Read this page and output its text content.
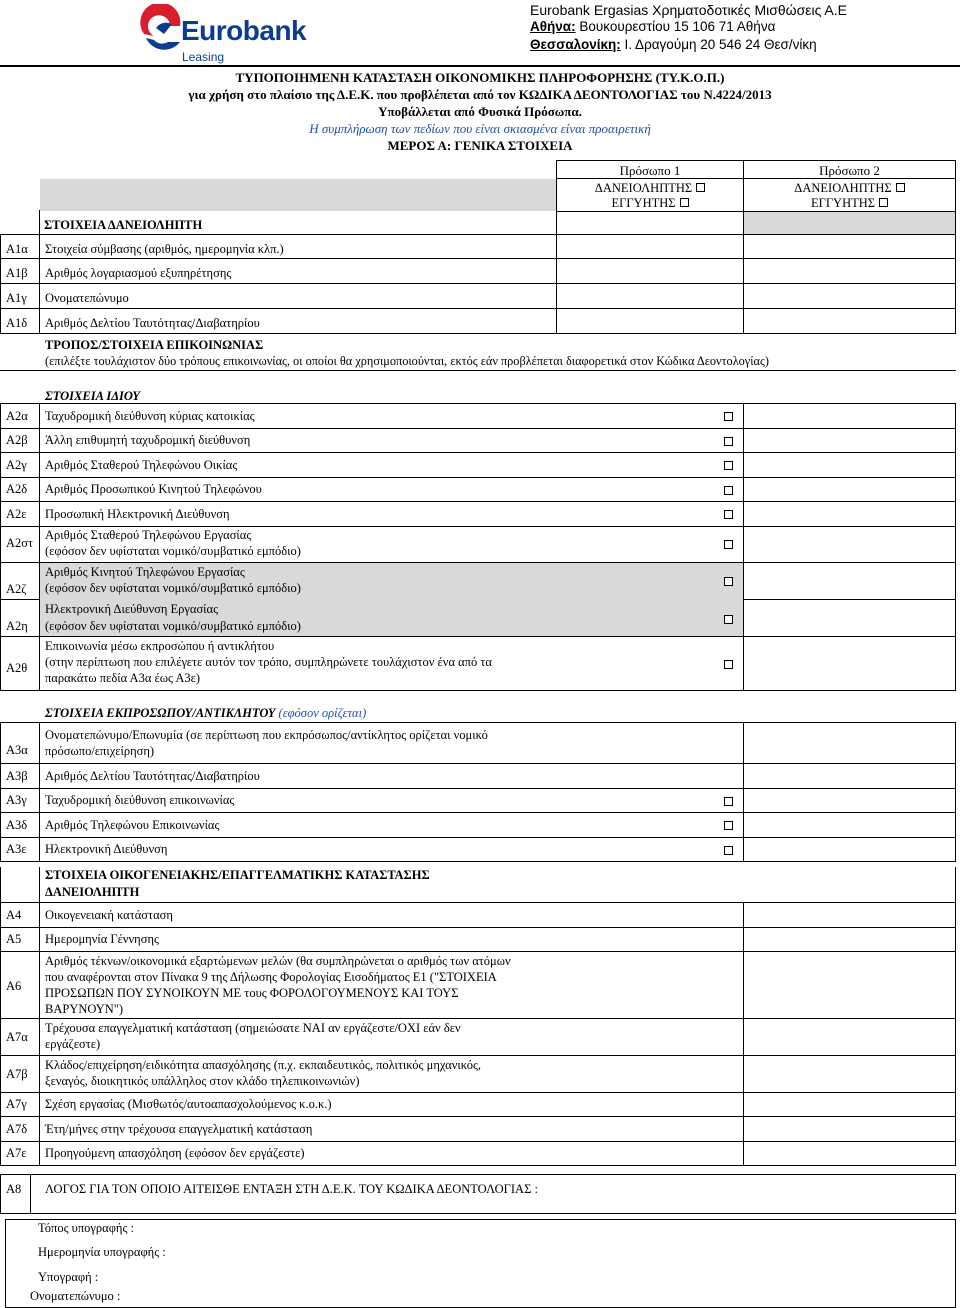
Eurobank
Leasing
Eurobank Ergasias Χρηματοδοτικές Μισθώσεις Α.Ε
Αθήνα: Βουκουρεστίου 15 106 71 Αθήνα
Θεσσαλονίκη: Ι. Δραγούμη 20 546 24 Θεσ/νίκη
ΤΥΠΟΠΟΙΗΜΕΝΗ ΚΑΤΑΣΤΑΣΗ ΟΙΚΟΝΟΜΙΚΗΣ ΠΛΗΡΟΦΟΡΗΣΗΣ (ΤΥ.Κ.Ο.Π.)
για χρήση στο πλαίσιο της Δ.Ε.Κ. που προβλέπεται από τον ΚΩΔΙΚΑ ΔΕΟΝΤΟΛΟΓΙΑΣ του Ν.4224/2013
Υποβάλλεται από Φυσικά Πρόσωπα.
Η συμπλήρωση των πεδίων που είναι σκιασμένα είναι προαιρετική
ΜΕΡΟΣ Α: ΓΕΝΙΚΑ ΣΤΟΙΧΕΙΑ
Πρόσωπο 1	Πρόσωπο 2
ΔΑΝΕΙΟΛΗΠΤΗΣ
ΕΓΓΥΗΤΗΣ
ΔΑΝΕΙΟΛΗΠΤΗΣ
ΕΓΓΥΗΤΗΣ
ΣΤΟΙΧΕΙΑ ΔΑΝΕΙΟΛΗΠΤΗ
Α1α Στοιχεία σύμβασης (αριθμός, ημερομηνία κλπ.)
Α1β Αριθμός λογαριασμού εξυπηρέτησης
Α1γ Ονοματεπώνυμο
Α1δ Αριθμός Δελτίου Ταυτότητας/Διαβατηρίου
ΤΡΟΠΟΣ/ΣΤΟΙΧΕΙΑ ΕΠΙΚΟΙΝΩΝΙΑΣ
(επιλέξτε τουλάχιστον δύο τρόπους επικοινωνίας, οι οποίοι θα χρησιμοποιούνται, εκτός εάν προβλέπεται διαφορετικά στον Κώδικα Δεοντολογίας)
ΣΤΟΙΧΕΙΑ ΙΔΙΟΥ
Α2α Ταχυδρομική διεύθυνση κύριας κατοικίας
Α2β Άλλη επιθυμητή ταχυδρομική διεύθυνση
Α2γ Αριθμός Σταθερού Τηλεφώνου Οικίας
Α2δ Αριθμός Προσωπικού Κινητού Τηλεφώνου
Α2ε Προσωπική Ηλεκτρονική Διεύθυνση
Α2στ
Αριθμός Σταθερού Τηλεφώνου Εργασίας
(εφόσον δεν υφίσταται νομικό/συμβατικό εμπόδιο)
Α2ζ
Αριθμός Κινητού Τηλεφώνου Εργασίας
(εφόσον δεν υφίσταται νομικό/συμβατικό εμπόδιο)
Α2η
Ηλεκτρονική Διεύθυνση Εργασίας
(εφόσον δεν υφίσταται νομικό/συμβατικό εμπόδιο)
Α2θ
Επικοινωνία μέσω εκπροσώπου ή αντικλήτου
(στην περίπτωση που επιλέγετε αυτόν τον τρόπο, συμπληρώνετε τουλάχιστον ένα από τα
παρακάτω πεδία Α3α έως Α3ε)
ΣΤΟΙΧΕΙΑ ΕΚΠΡΟΣΩΠΟΥ/ΑΝΤΙΚΛΗΤΟΥ (εφόσον ορίζεται)
Α3α
Ονοματεπώνυμο/Επωνυμία (σε περίπτωση που εκπρόσωπος/αντίκλητος ορίζεται νομικό
πρόσωπο/επιχείρηση)
Α3β Αριθμός Δελτίου Ταυτότητας/Διαβατηρίου
Α3γ Ταχυδρομική διεύθυνση επικοινωνίας
Α3δ Αριθμός Τηλεφώνου Επικοινωνίας
Α3ε Ηλεκτρονική Διεύθυνση
ΣΤΟΙΧΕΙΑ ΟΙΚΟΓΕΝΕΙΑΚΗΣ/ΕΠΑΓΓΕΛΜΑΤΙΚΗΣ ΚΑΤΑΣΤΑΣΗΣ
ΔΑΝΕΙΟΛΗΠΤΗ
Α4 Οικογενειακή κατάσταση
Α5 Ημερομηνία Γέννησης
Α6
Αριθμός τέκνων/οικονομικά εξαρτώμενων μελών (θα συμπληρώνεται ο αριθμός των ατόμων
που αναφέρονται στον Πίνακα 9 της Δήλωσης Φορολογίας Εισοδήματος Ε1 ("ΣΤΟΙΧΕΙΑ
ΠΡΟΣΩΠΩΝ ΠΟΥ ΣΥΝΟΙΚΟΥΝ ΜΕ τους ΦΟΡΟΛΟΓΟΥΜΕΝΟΥΣ ΚΑΙ ΤΟΥΣ
ΒΑΡΥΝΟΥΝ")
Α7α
Τρέχουσα επαγγελματική κατάσταση (σημειώσατε ΝΑΙ αν εργάζεστε/ΟΧΙ εάν δεν
εργάζεστε)
Α7β
Κλάδος/επιχείρηση/ειδικότητα απασχόλησης (π.χ. εκπαιδευτικός, πολιτικός μηχανικός,
ξεναγός, διοικητικός υπάλληλος στον κλάδο τηλεπικοινωνιών)
Α7γ Σχέση εργασίας (Μισθωτός/αυτοαπασχολούμενος κ.ο.κ.)
Α7δ Έτη/μήνες στην τρέχουσα επαγγελματική κατάσταση
Α7ε Προηγούμενη απασχόληση (εφόσον δεν εργάζεστε)
Α8 ΛΟΓΟΣ ΓΙΑ ΤΟΝ ΟΠΟΙΟ ΑΙΤΕΙΣΘΕ ΕΝΤΑΞΗ ΣΤΗ Δ.Ε.Κ. ΤΟΥ ΚΩΔΙΚΑ ΔΕΟΝΤΟΛΟΓΙΑΣ :
Τόπος υπογραφής :
Ημερομηνία υπογραφής :
Υπογραφή :
Ονοματεπώνυμο :
